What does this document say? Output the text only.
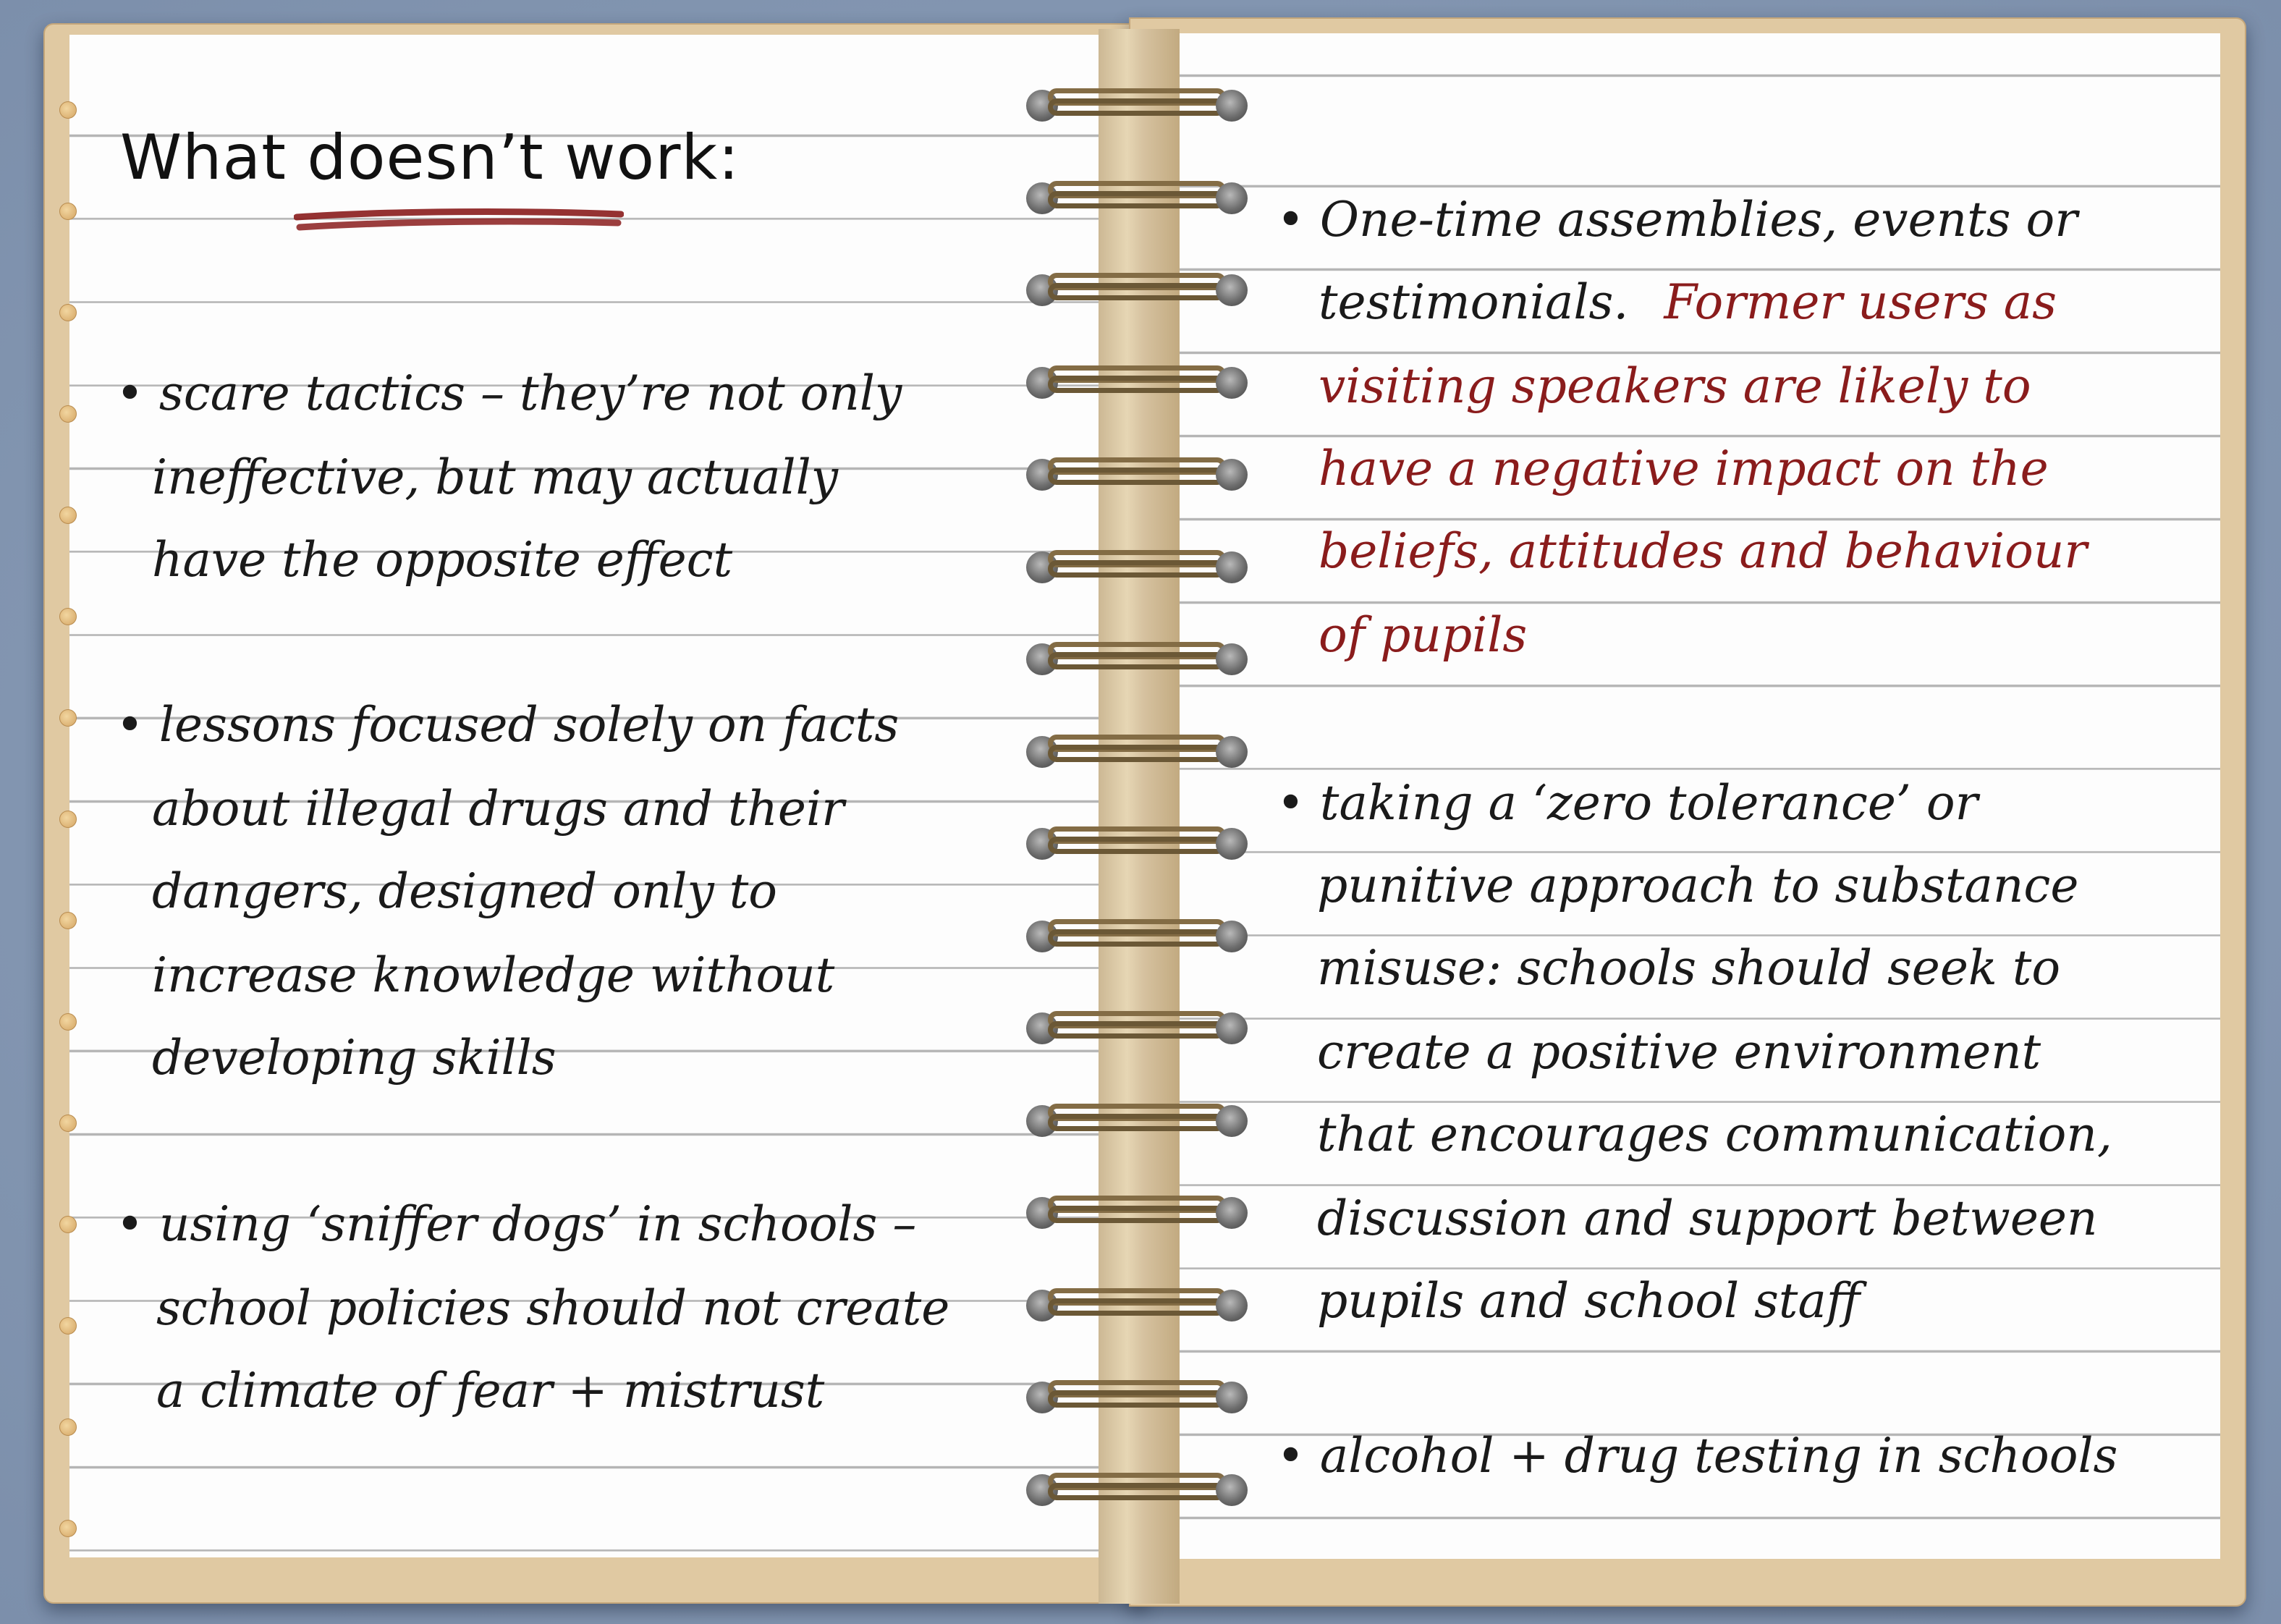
What doesn’t work:
• scare tactics – they’re not only
ineffective, but may actually
have the opposite effect
• lessons focused solely on facts
about illegal drugs and their
dangers, designed only to
increase knowledge without
developing skills
• using ‘sniffer dogs’ in schools –
school policies should not create
a climate of fear + mistrust
• One-time assemblies, events or
testimonials. Former users as
visiting speakers are likely to
have a negative impact on the
beliefs, attitudes and behaviour
of pupils
• taking a ‘zero tolerance’ or
punitive approach to substance
misuse: schools should seek to
create a positive environment
that encourages communication,
discussion and support between
pupils and school staff
• alcohol + drug testing in schools
